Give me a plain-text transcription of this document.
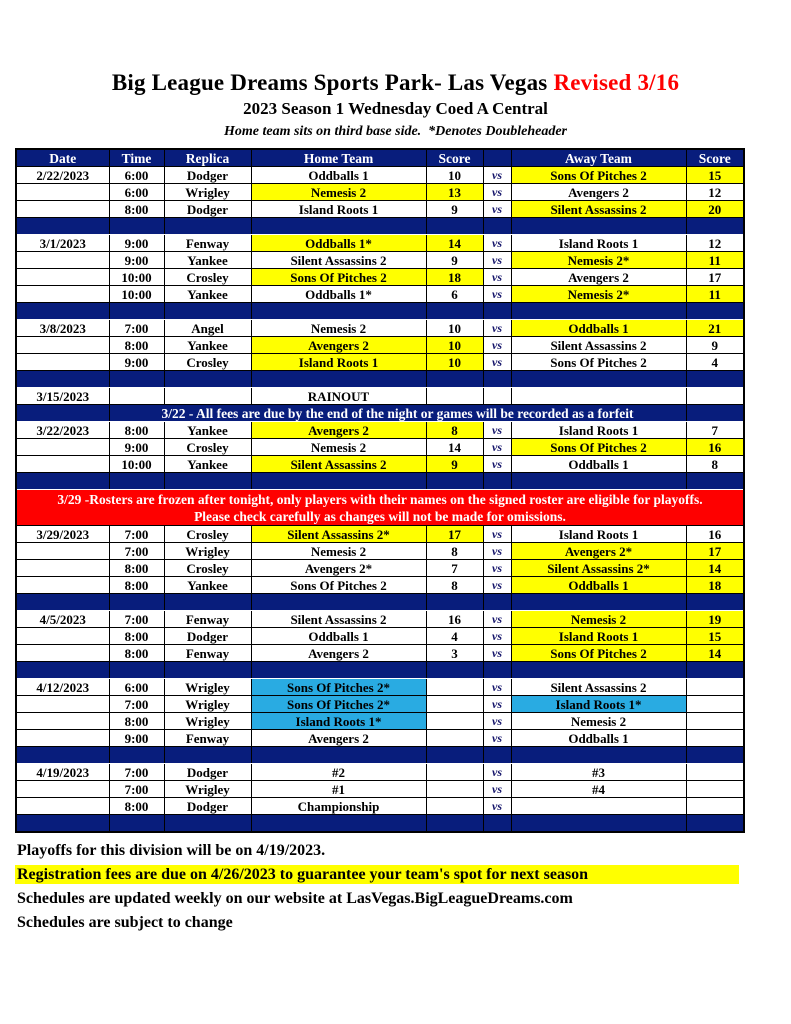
Big League Dreams Sports Park- Las Vegas Revised 3/16
2023 Season 1 Wednesday Coed A Central
Home team sits on third base side.  *Denotes Doubleheader
Date	Time	Replica	Home Team	Score		Away Team	Score
2/22/2023	6:00	Dodger	Oddballs 1	10	vs	Sons Of Pitches 2	15
	6:00	Wrigley	Nemesis 2	13	vs	Avengers 2	12
	8:00	Dodger	Island Roots 1	9	vs	Silent Assassins 2	20

3/1/2023	9:00	Fenway	Oddballs 1*	14	vs	Island Roots 1	12
	9:00	Yankee	Silent Assassins 2	9	vs	Nemesis 2*	11
	10:00	Crosley	Sons Of Pitches 2	18	vs	Avengers 2	17
	10:00	Yankee	Oddballs 1*	6	vs	Nemesis 2*	11

3/8/2023	7:00	Angel	Nemesis 2	10	vs	Oddballs 1	21
	8:00	Yankee	Avengers 2	10	vs	Silent Assassins 2	9
	9:00	Crosley	Island Roots 1	10	vs	Sons Of Pitches 2	4

3/15/2023			RAINOUT				
	3/22 - All fees are due by the end of the night or games will be recorded as a forfeit						
3/22/2023	8:00	Yankee	Avengers 2	8	vs	Island Roots 1	7
	9:00	Crosley	Nemesis 2	14	vs	Sons Of Pitches 2	16
	10:00	Yankee	Silent Assassins 2	9	vs	Oddballs 1	8

3/29 -Rosters are frozen after tonight, only players with their names on the signed roster are eligible for playoffs.
Please check carefully as changes will not be made for omissions.							

3/29/2023	7:00	Crosley	Silent Assassins 2*	17	vs	Island Roots 1	16
	7:00	Wrigley	Nemesis 2	8	vs	Avengers 2*	17
	8:00	Crosley	Avengers 2*	7	vs	Silent Assassins 2*	14
	8:00	Yankee	Sons Of Pitches 2	8	vs	Oddballs 1	18

4/5/2023	7:00	Fenway	Silent Assassins 2	16	vs	Nemesis 2	19
	8:00	Dodger	Oddballs 1	4	vs	Island Roots 1	15
	8:00	Fenway	Avengers 2	3	vs	Sons Of Pitches 2	14

4/12/2023	6:00	Wrigley	Sons Of Pitches 2*		vs	Silent Assassins 2	
	7:00	Wrigley	Sons Of Pitches 2*		vs	Island Roots 1*	
	8:00	Wrigley	Island Roots 1*		vs	Nemesis 2	
	9:00	Fenway	Avengers 2		vs	Oddballs 1	

4/19/2023	7:00	Dodger	#2		vs	#3	
	7:00	Wrigley	#1		vs	#4	
	8:00	Dodger	Championship		vs		

Playoffs for this division will be on 4/19/2023.
Registration fees are due on 4/26/2023 to guarantee your team's spot for next season
Schedules are updated weekly on our website at LasVegas.BigLeagueDreams.com
Schedules are subject to change
